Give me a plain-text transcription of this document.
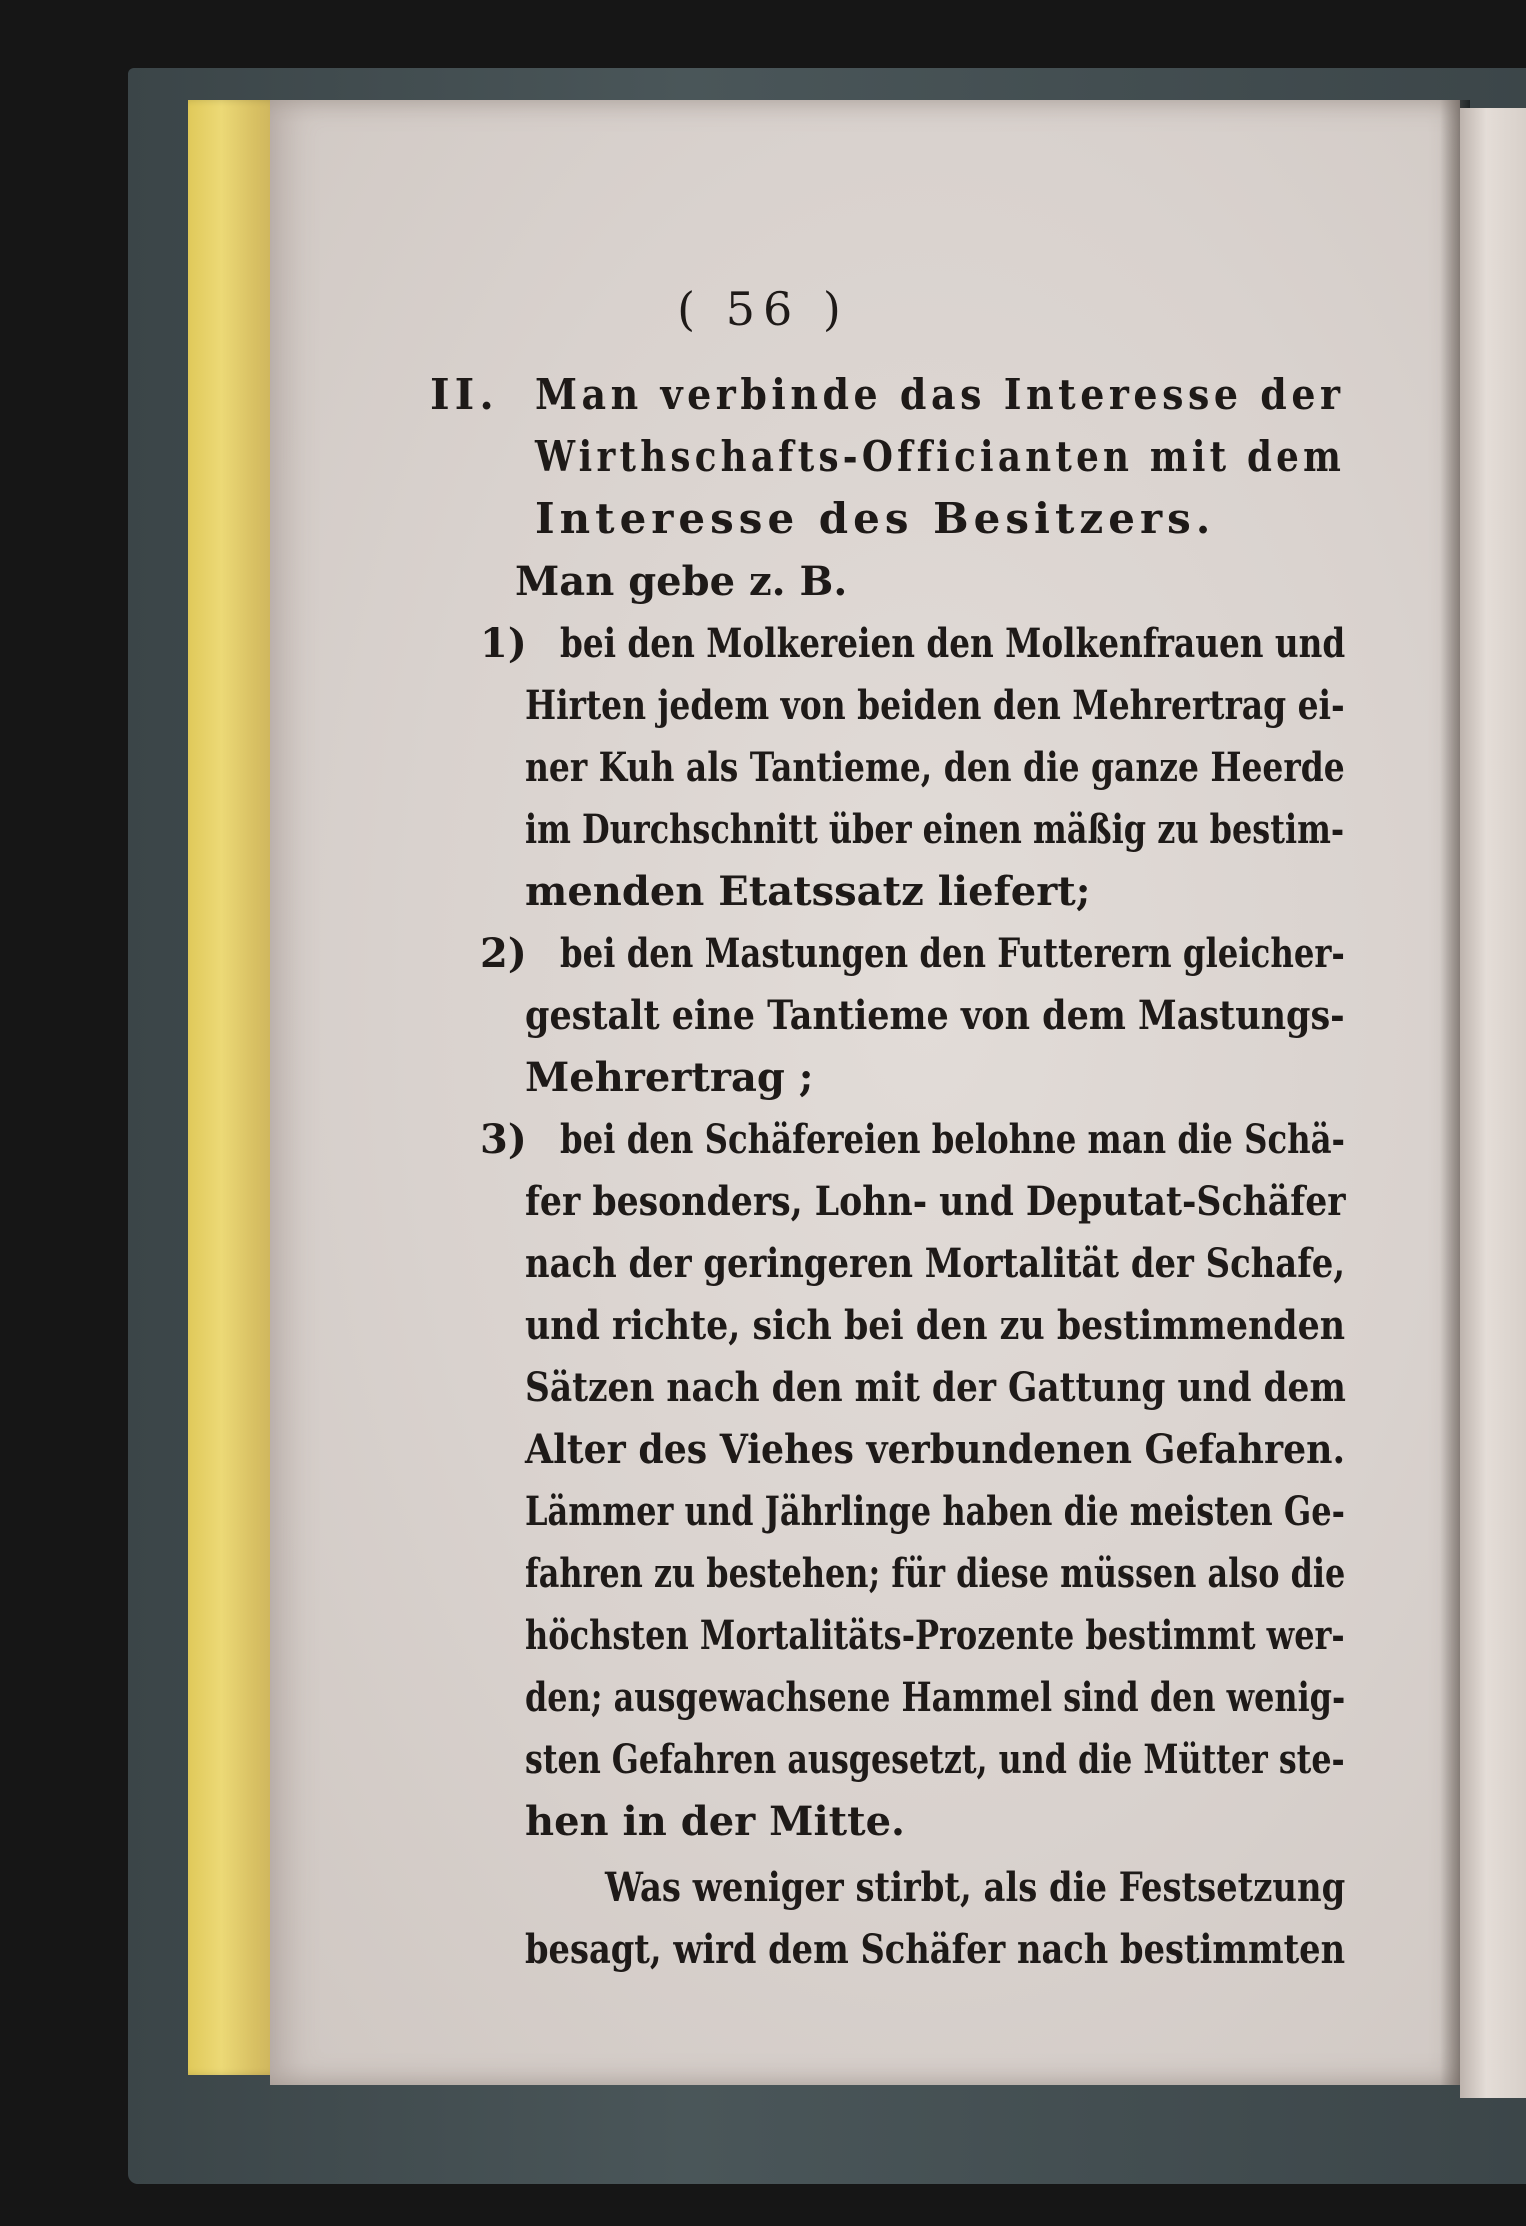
( 56 )
II. Man verbinde das Interesse der
Wirthschafts-Officianten mit dem
Interesse des Besitzers.
Man gebe z. B.
1) bei den Molkereien den Molkenfrauen und
Hirten jedem von beiden den Mehrertrag ei-
ner Kuh als Tantieme, den die ganze Heerde
im Durchschnitt über einen mäßig zu bestim-
menden Etatssatz liefert;
2) bei den Mastungen den Futterern gleicher-
gestalt eine Tantieme von dem Mastungs-
Mehrertrag ;
3) bei den Schäfereien belohne man die Schä-
fer besonders, Lohn- und Deputat-Schäfer
nach der geringeren Mortalität der Schafe,
und richte, sich bei den zu bestimmenden
Sätzen nach den mit der Gattung und dem
Alter des Viehes verbundenen Gefahren.
Lämmer und Jährlinge haben die meisten Ge-
fahren zu bestehen; für diese müssen also die
höchsten Mortalitäts-Prozente bestimmt wer-
den; ausgewachsene Hammel sind den wenig-
sten Gefahren ausgesetzt, und die Mütter ste-
hen in der Mitte.
Was weniger stirbt, als die Festsetzung
besagt, wird dem Schäfer nach bestimmten
